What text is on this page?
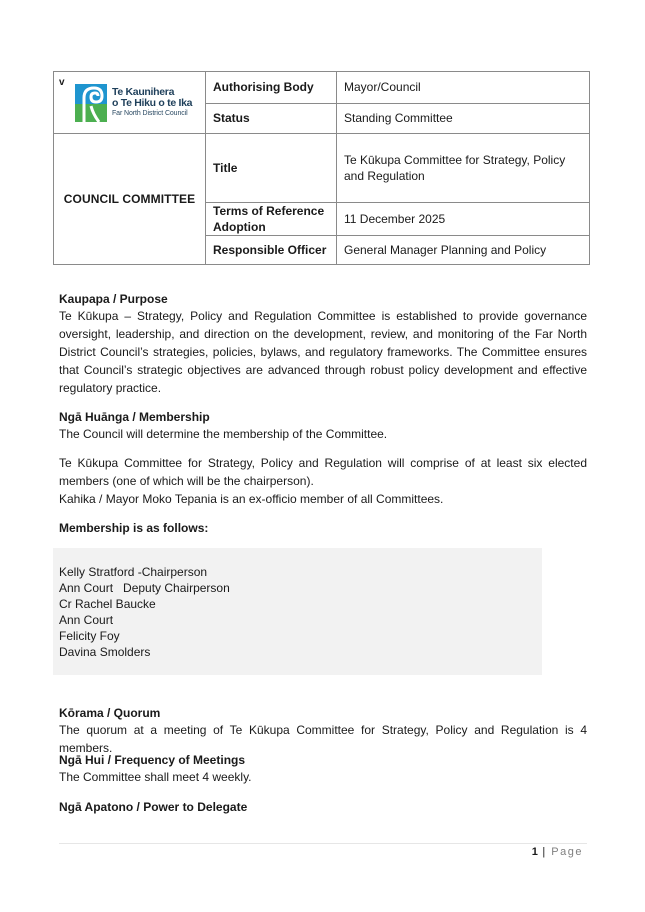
v
Te Kaunihera
o Te Hiku o te Ika
Far North District Council	Authorising Body	Mayor/Council
	Status	Standing Committee
COUNCIL COMMITTEE	Title	Te Kūkupa Committee for Strategy, Policy and Regulation
	Terms of Reference Adoption	11 December 2025
	Responsible Officer	General Manager Planning and Policy
Kaupapa / Purpose

Te Kūkupa – Strategy, Policy and Regulation Committee is established to provide governance oversight, leadership, and direction on the development, review, and monitoring of the Far North District Council’s strategies, policies, bylaws, and regulatory frameworks. The Committee ensures that Council’s strategic objectives are advanced through robust policy development and effective regulatory practice.

Ngā Huānga / Membership

The Council will determine the membership of the Committee.

Te Kūkupa Committee for Strategy, Policy and Regulation will comprise of at least six elected members (one of which will be the chairperson).

Kahika / Mayor Moko Tepania is an ex-officio member of all Committees.

Membership is as follows:
Kelly Stratford -Chairperson
Ann Court   Deputy Chairperson
Cr Rachel Baucke
Ann Court
Felicity Foy
Davina Smolders
Kōrama / Quorum

The quorum at a meeting of Te Kūkupa Committee for Strategy, Policy and Regulation is 4 members.

Ngā Hui / Frequency of Meetings

The Committee shall meet 4 weekly.

Ngā Apatono / Power to Delegate
1 | Page
